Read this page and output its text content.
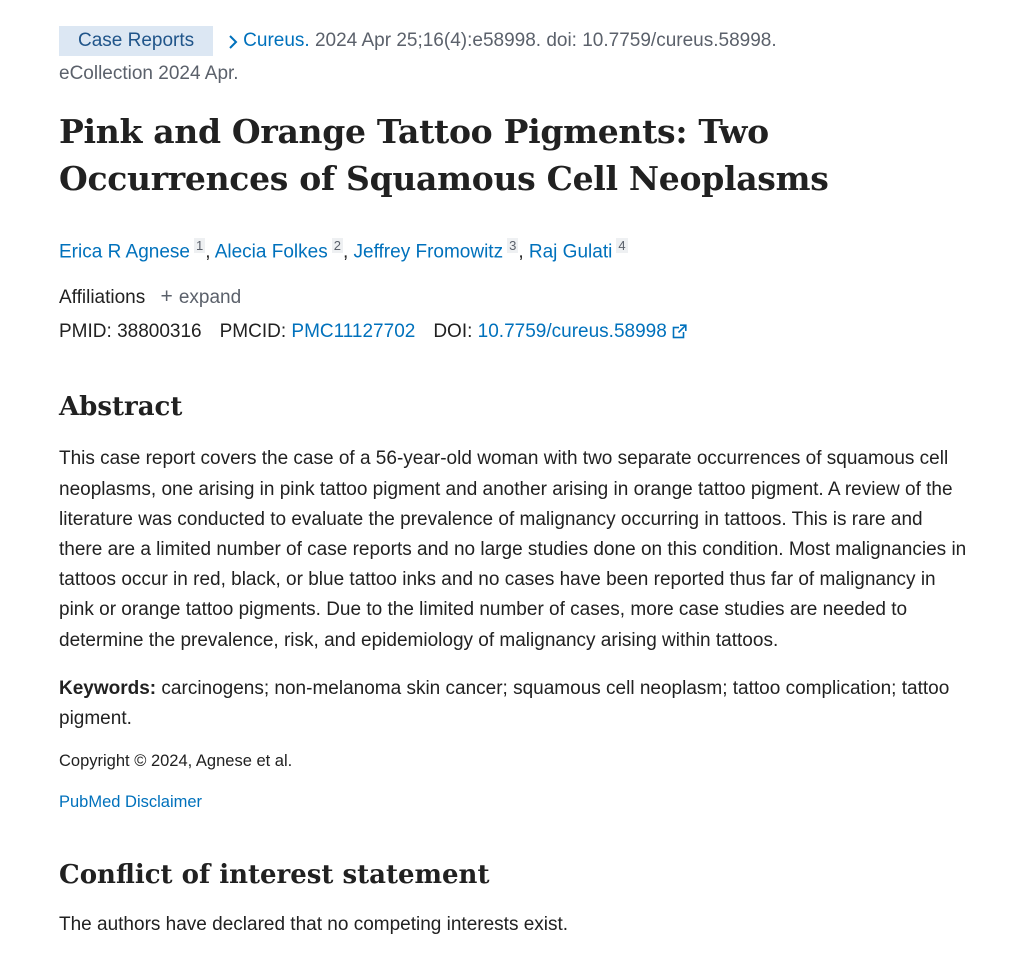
Case Reports	Cureus. 2024 Apr 25;16(4):e58998. doi: 10.7759/cureus.58998.
eCollection 2024 Apr.
Pink and Orange Tattoo Pigments: Two Occurrences of Squamous Cell Neoplasms
Erica R Agnese $^1$ , Alecia Folkes $^2$ , Jeffrey Fromowitz $^3$ , Raj Gulati $^4$
Affiliations + expand
PMID: 38800316 PMCID: PMC11127702 DOI: 10.7759/cureus.58998
Abstract
This case report covers the case of a 56-year-old woman with two separate occurrences of squamous cell neoplasms, one arising in pink tattoo pigment and another arising in orange tattoo pigment. A review of the literature was conducted to evaluate the prevalence of malignancy occurring in tattoos. This is rare and there are a limited number of case reports and no large studies done on this condition. Most malignancies in tattoos occur in red, black, or blue tattoo inks and no cases have been reported thus far of malignancy in pink or orange tattoo pigments. Due to the limited number of cases, more case studies are needed to determine the prevalence, risk, and epidemiology of malignancy arising within tattoos.
Keywords: carcinogens; non-melanoma skin cancer; squamous cell neoplasm; tattoo complication; tattoo pigment.
Copyright © 2024, Agnese et al.
PubMed Disclaimer
Conflict of interest statement
The authors have declared that no competing interests exist.
